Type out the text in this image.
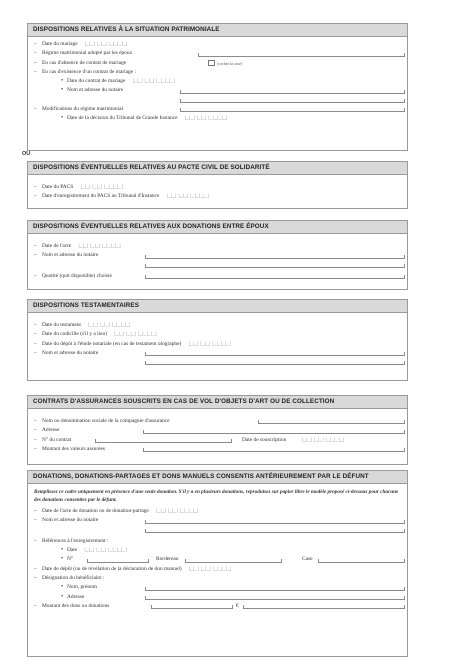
DISPOSITIONS RELATIVES À LA SITUATION PATRIMONIALE
– Date du mariage |_|_| |_|_| |_|_|_|_|
– Régime matrimonial adopté par les époux
– En cas d'absence de contrat de mariage	(cocher la case)
– En cas d'existence d'un contrat de mariage :
• Date du contrat de mariage |_|_| |_|_| |_|_|_|_|
• Nom et adresse du notaire
– Modifications du régime matrimonial
• Date de la décision du Tribunal de Grande Instance |_|_| |_|_| |_|_|_|_|
OU
DISPOSITIONS ÉVENTUELLES RELATIVES AU PACTE CIVIL DE SOLIDARITÉ
– Date du PACS |_|_| |_|_| |_|_|_|_|
– Date d'enregistrement du PACS au Tribunal d'Instance |_|_| |_|_| |_|_|_|_|
DISPOSITIONS ÉVENTUELLES RELATIVES AUX DONATIONS ENTRE ÉPOUX
– Date de l'acte |_|_| |_|_| |_|_|_|_|
– Nom et adresse du notaire
– Quotité (quit disponible) choisie
DISPOSITIONS TESTAMENTAIRES
– Date du testament |_|_| |_|_| |_|_|_|_|
– Date du codicille (s'il y a lieu) |_|_| |_|_| |_|_|_|_|
– Date du dépôt à l'étude notariale (en cas de testament olographe) |_|_| |_|_| |_|_|_|_|
– Nom et adresse du notaire
CONTRATS D'ASSURANCES SOUSCRITS EN CAS DE VOL D'OBJETS D'ART OU DE COLLECTION
– Nom ou dénomination sociale de la compagnie d'assurance
– Adresse
– N° du contrat	Date de souscription	|_|_| |_|_| |_|_|_|_|
– Montant des valeurs assurées
DONATIONS, DONATIONS-PARTAGES ET DONS MANUELS CONSENTIS ANTÉRIEUREMENT PAR LE DÉFUNT
Remplissez ce cadre uniquement en présence d'une seule donation. S'il y a en plusieurs donations, reproduisez sur papier libre le modèle proposé ci-dessous pour chacune des donations consenties par le défunt.
– Date de l'acte de donation ou de donation-partage |_|_| |_|_| |_|_|_|_|
– Nom et adresse du notaire
– Références à l'enregistrement :
• Date |_|_| |_|_| |_|_|_|_|
• N°	Bordereau	Case
– Date de dépôt (ou de révélation de la déclaration de don manuel) |_|_| |_|_| |_|_|_|_|
– Désignation du bénéficiaire :
• Nom, prénom
• Adresse
– Montant des dons ou donations	€
